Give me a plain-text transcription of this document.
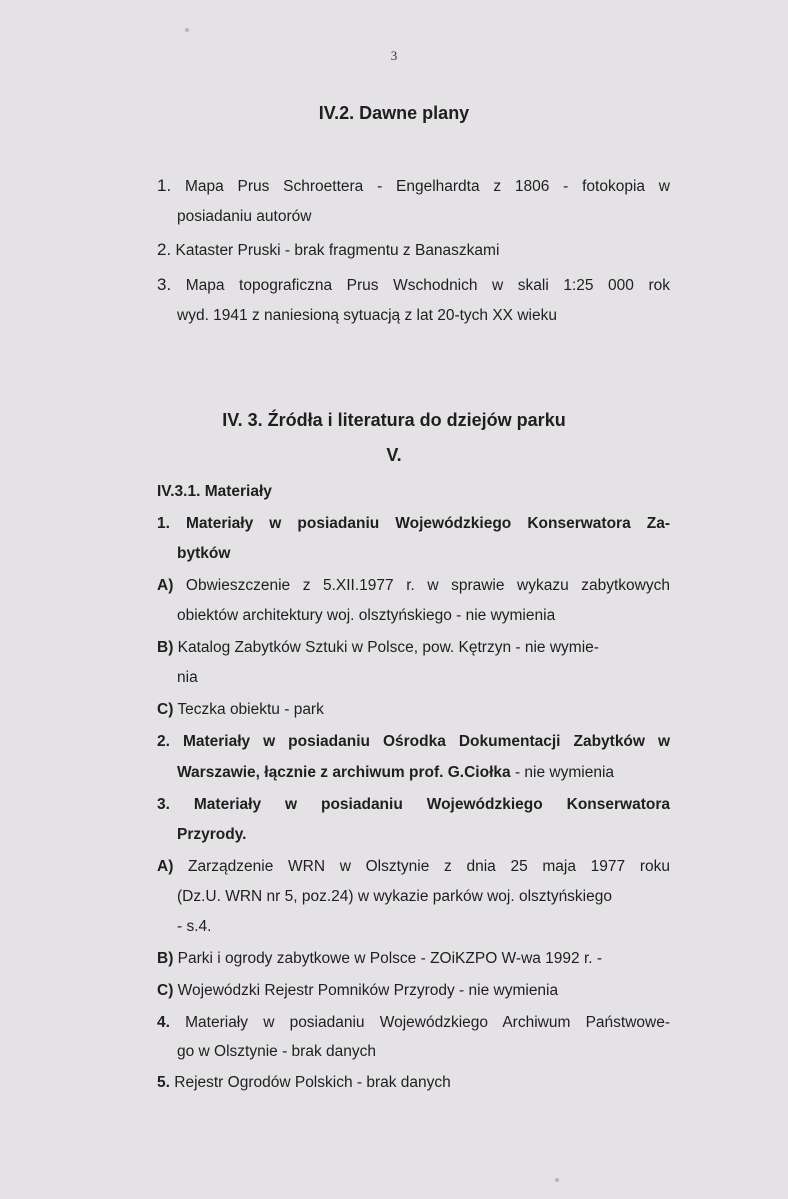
3
IV.2. Dawne plany
1. Mapa Prus Schroettera - Engelhardta z 1806 - fotokopia w
posiadaniu autorów
2. Kataster Pruski - brak fragmentu z Banaszkami
3. Mapa topograficzna Prus Wschodnich w skali 1:25 000 rok
wyd. 1941 z naniesioną sytuacją z lat 20-tych XX wieku
IV. 3. Źródła i literatura do dziejów parku
V.
IV.3.1. Materiały
1. Materiały w posiadaniu Wojewódzkiego Konserwatora Za-
bytków
A) Obwieszczenie z 5.XII.1977 r. w sprawie wykazu zabytkowych
obiektów architektury woj. olsztyńskiego - nie wymienia
B) Katalog Zabytków Sztuki w Polsce, pow. Kętrzyn - nie wymie-
nia
C) Teczka obiektu - park
2. Materiały w posiadaniu Ośrodka Dokumentacji Zabytków w
Warszawie, łącznie z archiwum prof. G.Ciołka - nie wymienia
3. Materiały w posiadaniu Wojewódzkiego Konserwatora
Przyrody.
A) Zarządzenie WRN w Olsztynie z dnia 25 maja 1977 roku
(Dz.U. WRN nr 5, poz.24) w wykazie parków woj. olsztyńskiego
- s.4.
B) Parki i ogrody zabytkowe w Polsce - ZOiKZPO W-wa 1992 r. -
C) Wojewódzki Rejestr Pomników Przyrody - nie wymienia
4. Materiały w posiadaniu Wojewódzkiego Archiwum Państwowe-
go w Olsztynie - brak danych
5. Rejestr Ogrodów Polskich - brak danych
